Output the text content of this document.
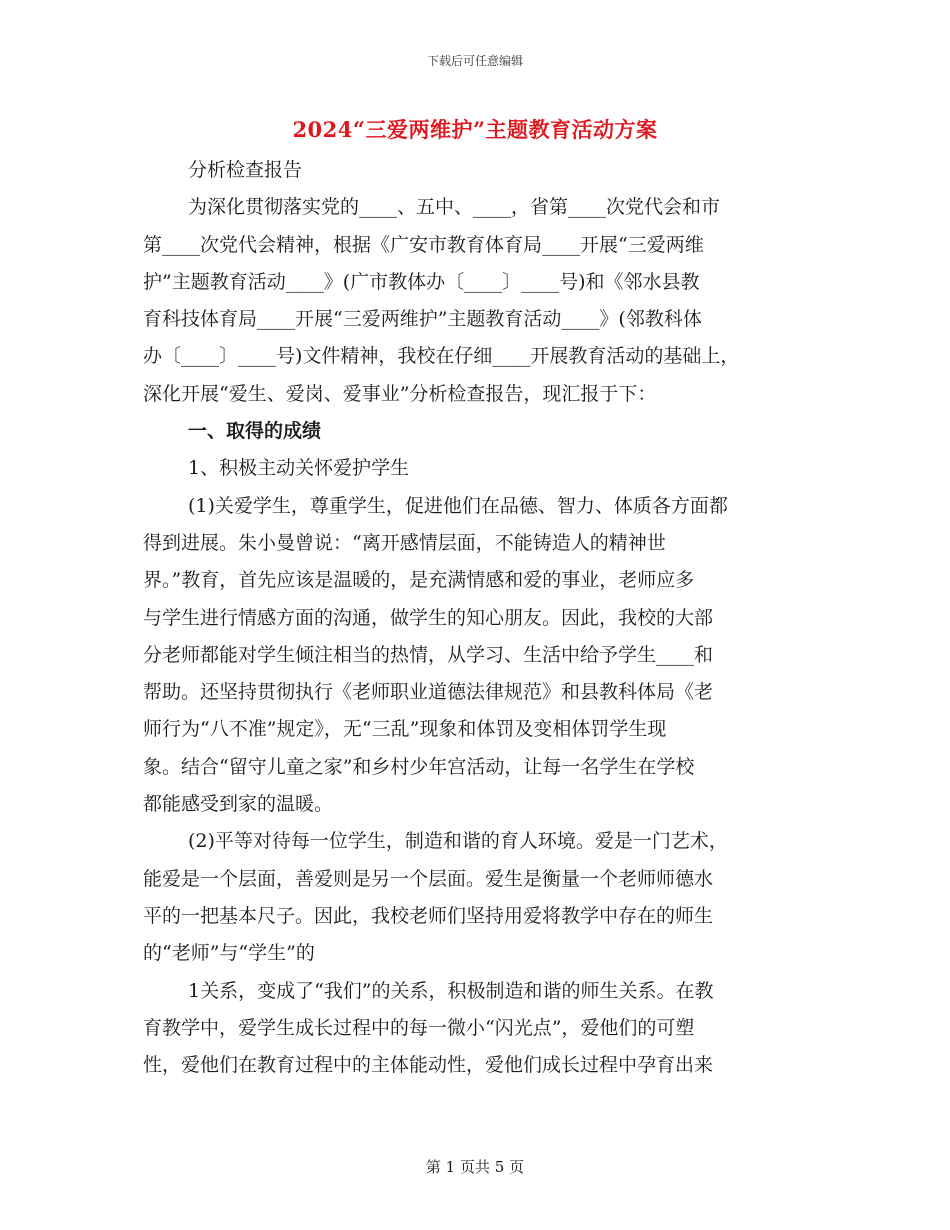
下载后可任意编辑
2024“三爱两维护”主题教育活动方案

分析检查报告

为深化贯彻落实党的____、五中、____，省第____次党代会和市

第____次党代会精神，根据《广安市教育体育局____开展“三爱两维

护”主题教育活动____》(广市教体办〔____〕____号)和《邻水县教

育科技体育局____开展“三爱两维护”主题教育活动____》(邻教科体

办〔____〕____号)文件精神，我校在仔细____开展教育活动的基础上，

深化开展“爱生、爱岗、爱事业”分析检查报告，现汇报于下：

一、取得的成绩

1、积极主动关怀爱护学生

(1)关爱学生，尊重学生，促进他们在品德、智力、体质各方面都

得到进展。朱小曼曾说：“离开感情层面，不能铸造人的精神世

界。”教育，首先应该是温暖的，是充满情感和爱的事业，老师应多

与学生进行情感方面的沟通，做学生的知心朋友。因此，我校的大部

分老师都能对学生倾注相当的热情，从学习、生活中给予学生____和

帮助。还坚持贯彻执行《老师职业道德法律规范》和县教科体局《老

师行为“八不准”规定》，无“三乱”现象和体罚及变相体罚学生现

象。结合“留守儿童之家”和乡村少年宫活动，让每一名学生在学校

都能感受到家的温暖。

(2)平等对待每一位学生，制造和谐的育人环境。爱是一门艺术，

能爱是一个层面，善爱则是另一个层面。爱生是衡量一个老师师德水

平的一把基本尺子。因此，我校老师们坚持用爱将教学中存在的师生

的“老师”与“学生”的

1关系，变成了“我们”的关系，积极制造和谐的师生关系。在教

育教学中，爱学生成长过程中的每一微小“闪光点”，爱他们的可塑

性，爱他们在教育过程中的主体能动性，爱他们成长过程中孕育出来

第 1 页共 5 页
